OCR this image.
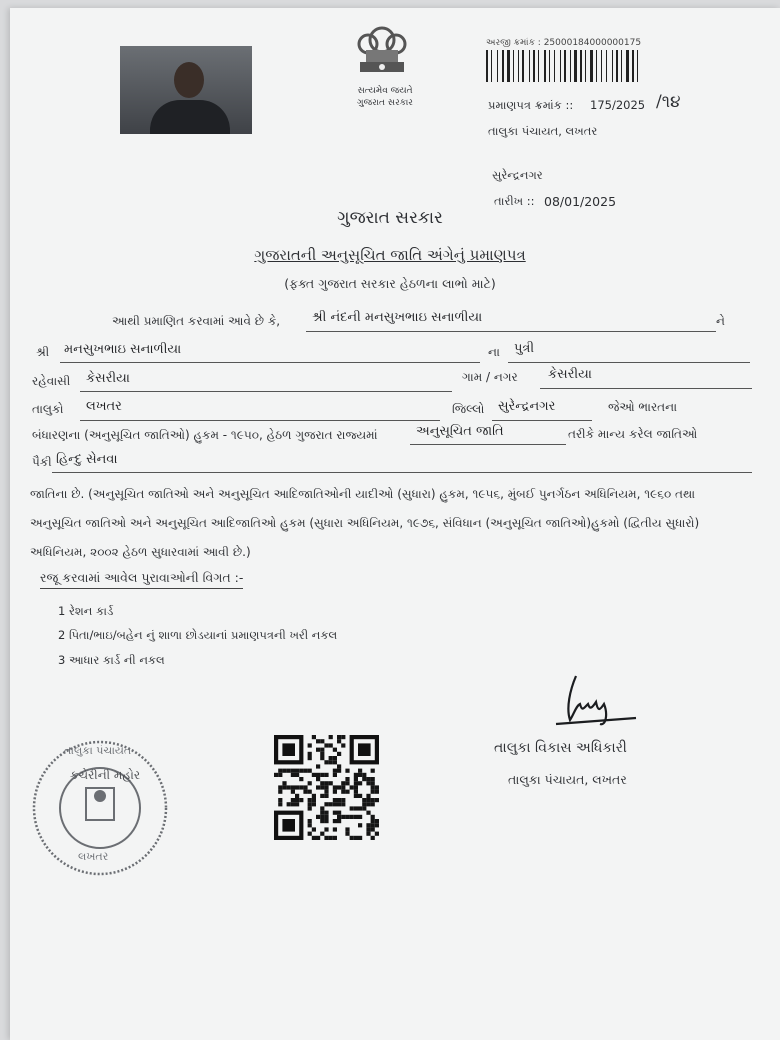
સત્યમેવ જયતે
ગુજરાત સરકાર
અરજી ક્રમાંક : 25000184000000175
પ્રમાણપત્ર ક્રમાંક :: 175/2025 /૧૪
તાલુકા પંચાયત, લખતર
સુરેન્દ્રનગર
તારીખ :: 08/01/2025
ગુજરાત સરકાર
ગુજરાતની અનુસૂચિત જાતિ અંગેનું પ્રમાણપત્ર
(ફક્ત ગુજરાત સરકાર હેઠળના લાભો માટે)
આથી પ્રમાણિત કરવામાં આવે છે કે, શ્રી નંદની મનસુખભાઇ સનાળીયા	ને
શ્રી મનસુખભાઇ સનાળીયા	ના પુત્રી
રહેવાસી કેસરીયા	ગામ / નગર કેસરીયા
તાલુકો લખતર	જિલ્લો સુરેન્દ્રનગર	જેઓ ભારતના
બંધારણના (અનુસૂચિત જાતિઓ) હુકમ - ૧૯૫૦, હેઠળ ગુજરાત રાજ્યમાં	અનુસૂચિત જાતિ	તરીકે માન્ય કરેલ જાતિઓ
પૈકી હિન્દુ સેનવા
જાતિના છે. (અનુસૂચિત જાતિઓ અને અનુસૂચિત આદિજાતિઓની યાદીઓ (સુધારા) હુકમ, ૧૯૫૬, મુંબઈ પુનર્ગઠન અધિનિયમ, ૧૯૬૦ તથા
અનુસૂચિત જાતિઓ અને અનુસૂચિત આદિજાતિઓ હુકમ (સુધારા અધિનિયમ, ૧૯૭૬, સંવિધાન (અનુસૂચિત જાતિઓ)હુકમો (દ્વિતીય સુધારો)
અધિનિયમ, ૨૦૦૨ હેઠળ સુધારવામાં આવી છે.)
રજૂ કરવામાં આવેલ પુરાવાઓની વિગત :-
1 રેશન કાર્ડ
2 પિતા/ભાઇ/બહેન નું શાળા છોડયાનાં પ્રમાણપત્રની ખરી નકલ
3 આધાર કાર્ડ ની નકલ
તાલુકા પંચાયત
કચેરીની મહોર
લખતર
તાલુકા વિકાસ અધિકારી
તાલુકા પંચાયત, લખતર
